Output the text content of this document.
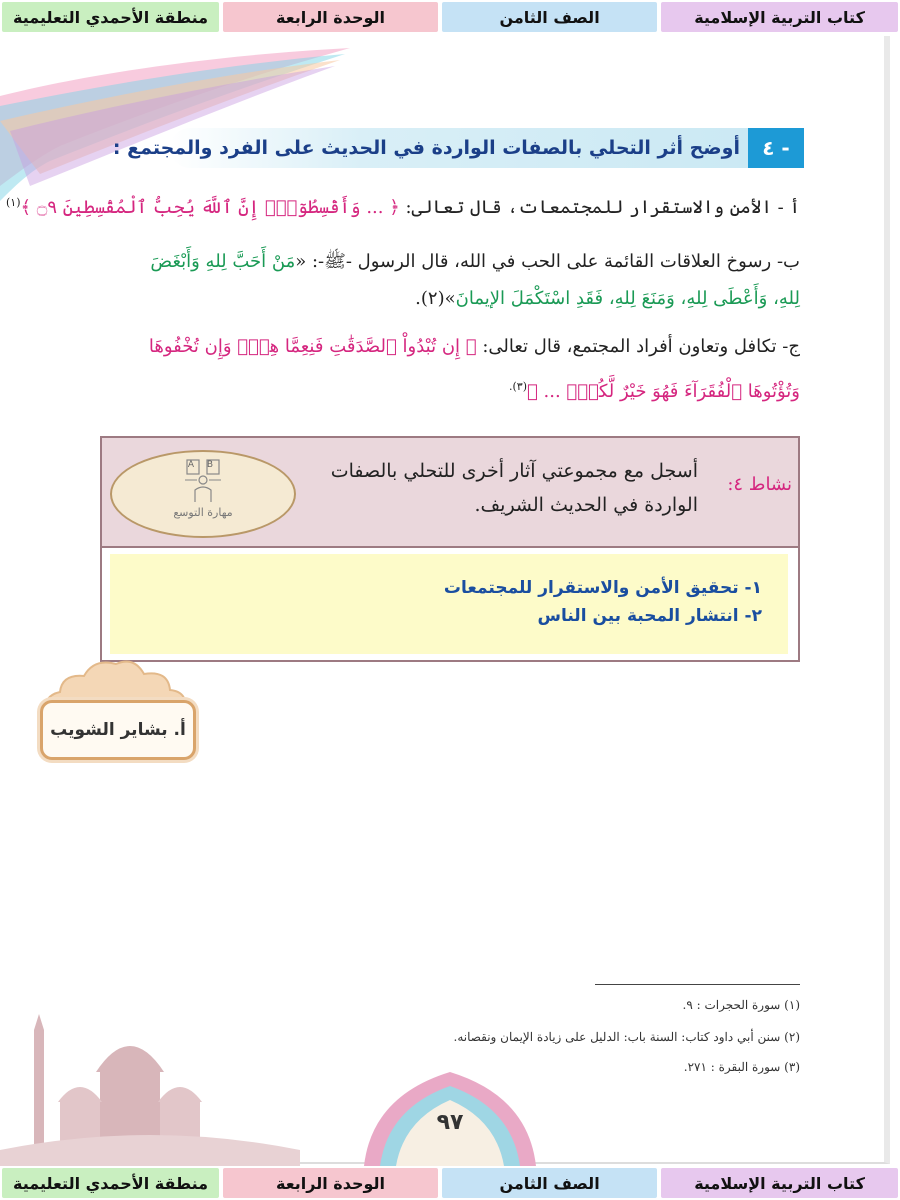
منطقة الأحمدي التعليمية	الوحدة الرابعة	الصف الثامن	كتاب التربية الإسلامية
٤ -
أوضح أثر التحلي بالصفات الواردة في الحديث على الفرد والمجتمع :
أ - الأمن والاستقرار للمجتمعات، قال تعالى: ﴿ ... وَأَقْسِطُوٓاْۖ إِنَّ ٱللَّهَ يُحِبُّ ٱلْمُقْسِطِينَ ۝٩ ﴾$^{(١)}$
ب- رسوخ العلاقات القائمة على الحب في الله، قال الرسول -ﷺ-: «مَنْ أَحَبَّ لِلهِ وَأَبْغَضَ
لِلهِ، وَأَعْطَى لِلهِ، وَمَنَعَ لِلهِ، فَقَدِ اسْتَكْمَلَ الإيمانَ»(٢).
ج- تكافل وتعاون أفراد المجتمع، قال تعالى: ﴿ إِن تُبْدُواْ ٱلصَّدَقَٰتِ فَنِعِمَّا هِيَۖ وَإِن تُخْفُوهَا
وَتُؤْتُوهَا ٱلْفُقَرَآءَ فَهُوَ خَيْرٌ لَّكُمْۚ ... ﴾$^{(٣).}$
نشاط ٤:
أسجل مع مجموعتي آثار أخرى للتحلي بالصفات الواردة في الحديث الشريف.
A B
مهارة التوسع
١- تحقيق الأمن والاستقرار للمجتمعات
٢- انتشار المحبة بين الناس
أ. بشاير الشويب
(١) سورة الحجرات : ٩.
(٢) سنن أبي داود كتاب: السنة باب: الدليل على زيادة الإيمان ونقصانه.
(٣) سورة البقرة : ٢٧١.
٩٧
منطقة الأحمدي التعليمية	الوحدة الرابعة	الصف الثامن	كتاب التربية الإسلامية
